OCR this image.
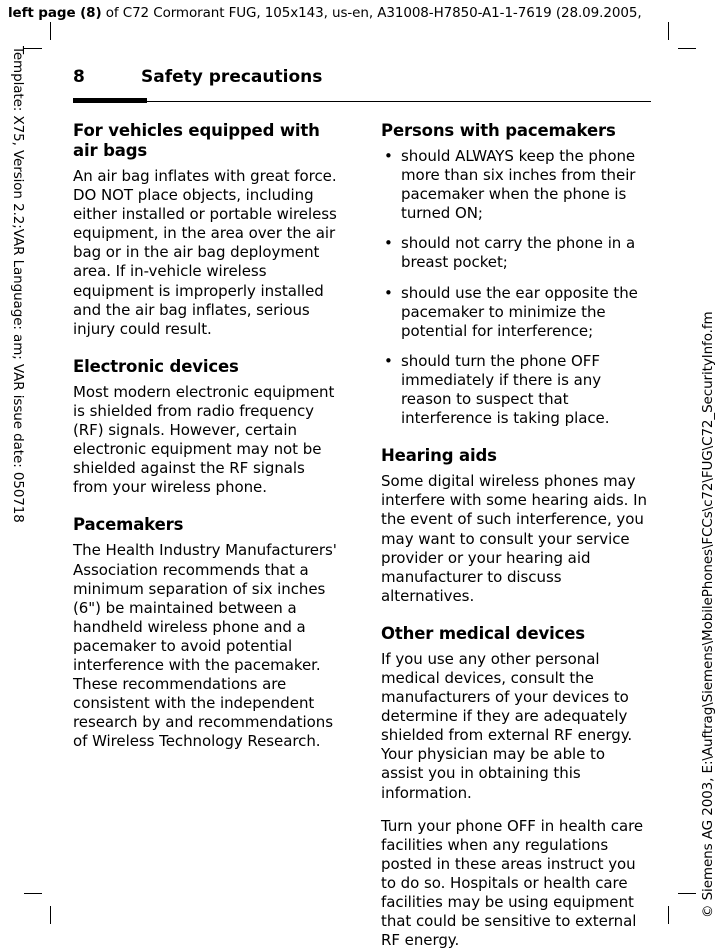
left page (8) of C72 Cormorant FUG, 105x143, us-en, A31008-H7850-A1-1-7619 (28.09.2005,
Template: X75, Version 2.2;VAR Language: am; VAR issue date: 050718
© Siemens AG 2003, E:\Auftrag\Siemens\MobilePhones\FCCs\c72\FUG\C72_SecurityInfo.fm
8	Safety precautions
For vehicles equipped with air bags

An air bag inflates with great force. DO NOT place objects, including either installed or portable wireless equipment, in the area over the air bag or in the air bag deployment area. If in-vehicle wireless equipment is improperly installed and the air bag inflates, serious injury could result.

Electronic devices

Most modern electronic equipment is shielded from radio frequency (RF) signals. However, certain electronic equipment may not be shielded against the RF signals from your wireless phone.

Pacemakers

The Health Industry Manufacturers' Association recommends that a minimum separation of six inches (6") be maintained between a handheld wireless phone and a pacemaker to avoid potential interference with the pacemaker. These recommendations are consistent with the independent research by and recommendations of Wireless Technology Research.

Persons with pacemakers
• should ALWAYS keep the phone more than six inches from their pacemaker when the phone is turned ON;
• should not carry the phone in a breast pocket;
• should use the ear opposite the pacemaker to minimize the potential for interference;
• should turn the phone OFF immediately if there is any reason to suspect that interference is taking place.
Hearing aids

Some digital wireless phones may interfere with some hearing aids. In the event of such interference, you may want to consult your service provider or your hearing aid manufacturer to discuss alternatives.

Other medical devices

If you use any other personal medical devices, consult the manufacturers of your devices to determine if they are adequately shielded from external RF energy. Your physician may be able to assist you in obtaining this information.

Turn your phone OFF in health care facilities when any regulations posted in these areas instruct you to do so. Hospitals or health care facilities may be using equipment that could be sensitive to external RF energy.
